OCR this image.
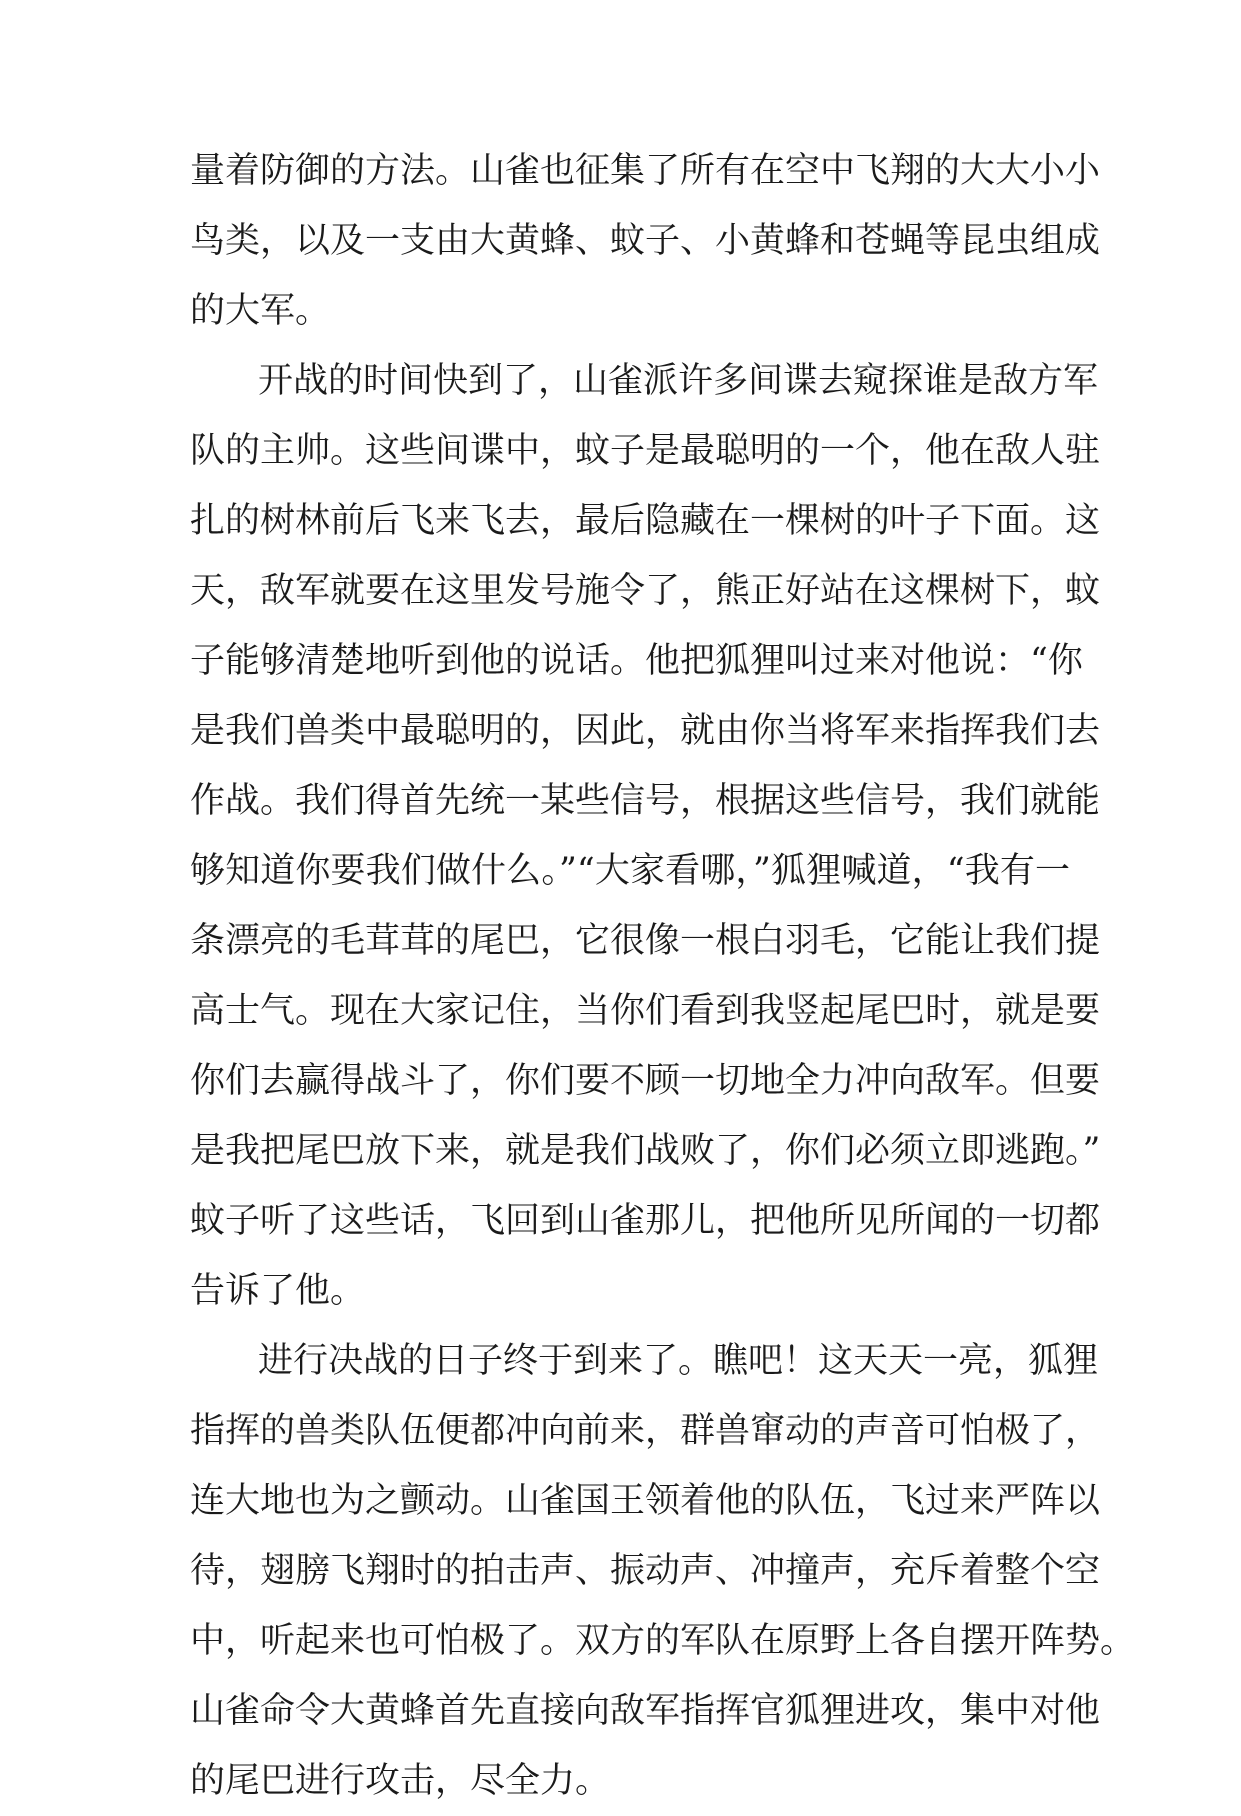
量着防御的方法。山雀也征集了所有在空中飞翔的大大小小
鸟类，以及一支由大黄蜂、蚊子、小黄蜂和苍蝇等昆虫组成
的大军。
开战的时间快到了，山雀派许多间谍去窥探谁是敌方军
队的主帅。这些间谍中，蚊子是最聪明的一个，他在敌人驻
扎的树林前后飞来飞去，最后隐藏在一棵树的叶子下面。这
天，敌军就要在这里发号施令了，熊正好站在这棵树下，蚊
子能够清楚地听到他的说话。他把狐狸叫过来对他说：“你
是我们兽类中最聪明的，因此，就由你当将军来指挥我们去
作战。我们得首先统一某些信号，根据这些信号，我们就能
够知道你要我们做什么。”“大家看哪，”狐狸喊道，“我有一
条漂亮的毛茸茸的尾巴，它很像一根白羽毛，它能让我们提
高士气。现在大家记住，当你们看到我竖起尾巴时，就是要
你们去赢得战斗了，你们要不顾一切地全力冲向敌军。但要
是我把尾巴放下来，就是我们战败了，你们必须立即逃跑。”
蚊子听了这些话，飞回到山雀那儿，把他所见所闻的一切都
告诉了他。
进行决战的日子终于到来了。瞧吧！这天天一亮，狐狸
指挥的兽类队伍便都冲向前来，群兽窜动的声音可怕极了，
连大地也为之颤动。山雀国王领着他的队伍，飞过来严阵以
待，翅膀飞翔时的拍击声、振动声、冲撞声，充斥着整个空
中，听起来也可怕极了。双方的军队在原野上各自摆开阵势。
山雀命令大黄蜂首先直接向敌军指挥官狐狸进攻，集中对他
的尾巴进行攻击，尽全力。
